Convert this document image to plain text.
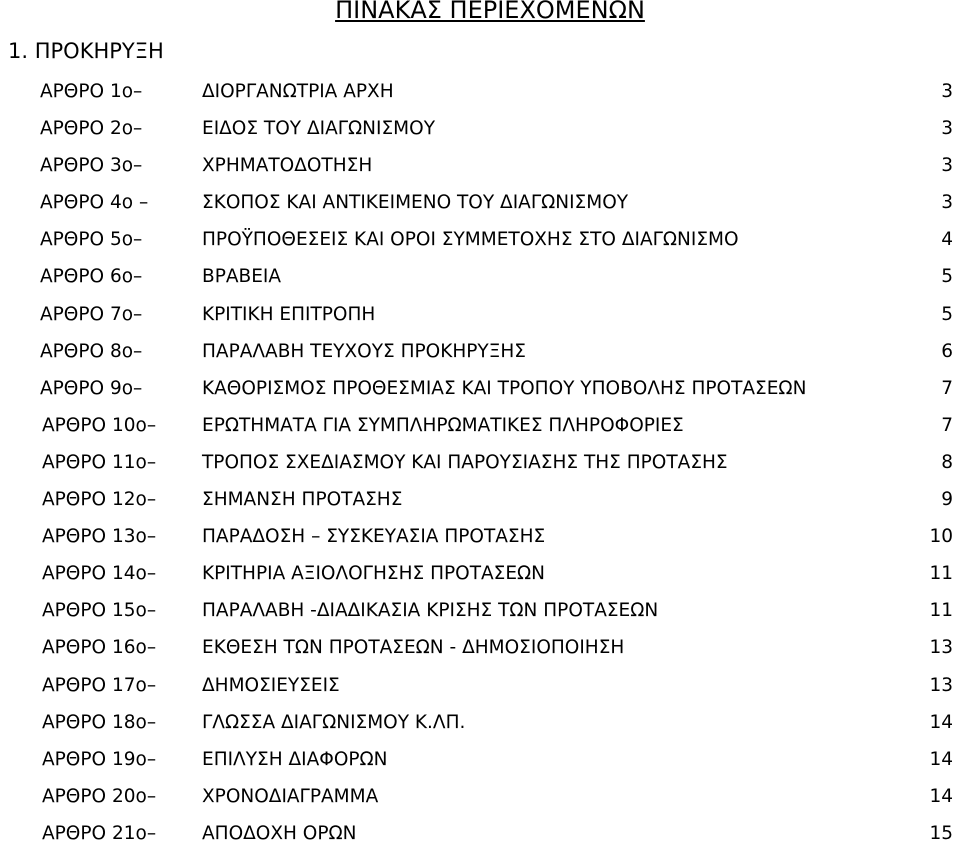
ΠΙΝΑΚΑΣ ΠΕΡΙΕΧΟΜΕΝΩΝ
1. ΠΡΟΚΗΡΥΞΗ
ΑΡΘΡΟ 1ο–	ΔΙΟΡΓΑΝΩΤΡΙΑ ΑΡΧΗ	3
ΑΡΘΡΟ 2ο–	ΕΙΔΟΣ ΤΟΥ ΔΙΑΓΩΝΙΣΜΟΥ	3
ΑΡΘΡΟ 3ο–	ΧΡΗΜΑΤΟΔΟΤΗΣΗ	3
ΑΡΘΡΟ 4ο –	ΣΚΟΠΟΣ ΚΑΙ ΑΝΤΙΚΕΙΜΕΝΟ ΤΟΥ ΔΙΑΓΩΝΙΣΜΟΥ	3
ΑΡΘΡΟ 5ο–	ΠΡΟΫΠΟΘΕΣΕΙΣ ΚΑΙ ΟΡΟΙ ΣΥΜΜΕΤΟΧΗΣ ΣΤΟ ΔΙΑΓΩΝΙΣΜΟ	4
ΑΡΘΡΟ 6ο–	ΒΡΑΒΕΙΑ	5
ΑΡΘΡΟ 7ο–	ΚΡΙΤΙΚΗ ΕΠΙΤΡΟΠΗ	5
ΑΡΘΡΟ 8ο–	ΠΑΡΑΛΑΒΗ ΤΕΥΧΟΥΣ ΠΡΟΚΗΡΥΞΗΣ	6
ΑΡΘΡΟ 9ο–	ΚΑΘΟΡΙΣΜΟΣ ΠΡΟΘΕΣΜΙΑΣ ΚΑΙ ΤΡΟΠΟΥ ΥΠΟΒΟΛΗΣ ΠΡΟΤΑΣΕΩΝ	7
ΑΡΘΡΟ 10ο– ΕΡΩΤΗΜΑΤΑ ΓΙΑ ΣΥΜΠΛΗΡΩΜΑΤΙΚΕΣ ΠΛΗΡΟΦΟΡΙΕΣ	7
ΑΡΘΡΟ 11ο– ΤΡΟΠΟΣ ΣΧΕΔΙΑΣΜΟΥ ΚΑΙ ΠΑΡΟΥΣΙΑΣΗΣ ΤΗΣ ΠΡΟΤΑΣΗΣ	8
ΑΡΘΡΟ 12ο– ΣΗΜΑΝΣΗ ΠΡΟΤΑΣΗΣ	9
ΑΡΘΡΟ 13ο– ΠΑΡΑΔΟΣΗ – ΣΥΣΚΕΥΑΣΙΑ ΠΡΟΤΑΣΗΣ	10
ΑΡΘΡΟ 14ο– ΚΡΙΤΗΡΙΑ ΑΞΙΟΛΟΓΗΣΗΣ ΠΡΟΤΑΣΕΩΝ	11
ΑΡΘΡΟ 15ο– ΠΑΡΑΛΑΒΗ -ΔΙΑΔΙΚΑΣΙΑ ΚΡΙΣΗΣ ΤΩΝ ΠΡΟΤΑΣΕΩΝ	11
ΑΡΘΡΟ 16ο– ΕΚΘΕΣΗ ΤΩΝ ΠΡΟΤΑΣΕΩΝ - ΔΗΜΟΣΙΟΠΟΙΗΣΗ	13
ΑΡΘΡΟ 17ο– ΔΗΜΟΣΙΕΥΣΕΙΣ	13
ΑΡΘΡΟ 18ο– ΓΛΩΣΣΑ ΔΙΑΓΩΝΙΣΜΟΥ Κ.ΛΠ.	14
ΑΡΘΡΟ 19ο– ΕΠΙΛΥΣΗ ΔΙΑΦΟΡΩΝ	14
ΑΡΘΡΟ 20ο– ΧΡΟΝΟΔΙΑΓΡΑΜΜΑ	14
ΑΡΘΡΟ 21ο– ΑΠΟΔΟΧΗ ΟΡΩΝ	15
